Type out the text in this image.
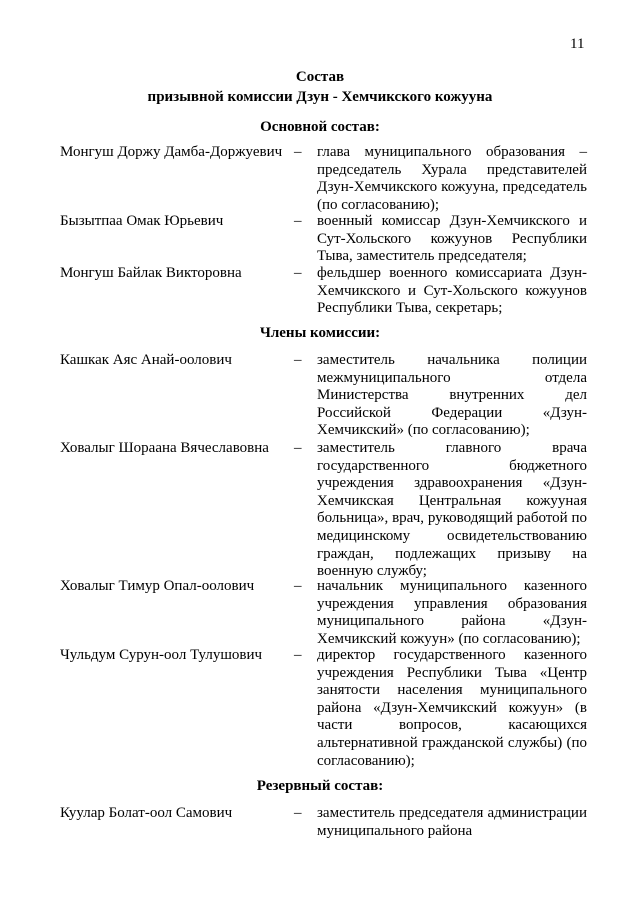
11
Состав
призывной комиссии Дзун - Хемчикского кожууна
Основной состав:
Монгуш Доржу Дамба-Доржуевич – глава муниципального образования – председатель Хурала представителей Дзун-Хемчикского кожууна, председатель (по согласованию);
Бызытпаа Омак Юрьевич	– военный комиссар Дзун-Хемчикского и Сут-Хольского кожуунов Республики Тыва, заместитель председателя;
Монгуш Байлак Викторовна	– фельдшер военного комиссариата Дзун-Хемчикского и Сут-Хольского кожуунов Республики Тыва, секретарь;
Члены комиссии:
Кашкак Аяс Анай-оолович	– заместитель начальника полиции межмуниципального отдела Министерства внутренних дел Российской Федерации «Дзун-Хемчикский» (по согласованию);
Ховалыг Шораана Вячеславовна – заместитель главного врача государственного бюджетного учреждения здравоохранения «Дзун-Хемчикская Центральная кожууная больница», врач, руководящий работой по медицинскому освидетельствованию граждан, подлежащих призыву на военную службу;
Ховалыг Тимур Опал-оолович	– начальник муниципального казенного учреждения управления образования муниципального района «Дзун-Хемчикский кожуун» (по согласованию);
Чульдум Сурун-оол Тулушович – директор государственного казенного учреждения Республики Тыва «Центр занятости населения муниципального района «Дзун-Хемчикский кожуун» (в части вопросов, касающихся альтернативной гражданской службы) (по согласованию);
Резервный состав:
Куулар Болат-оол Самович	– заместитель председателя администрации муниципального района
